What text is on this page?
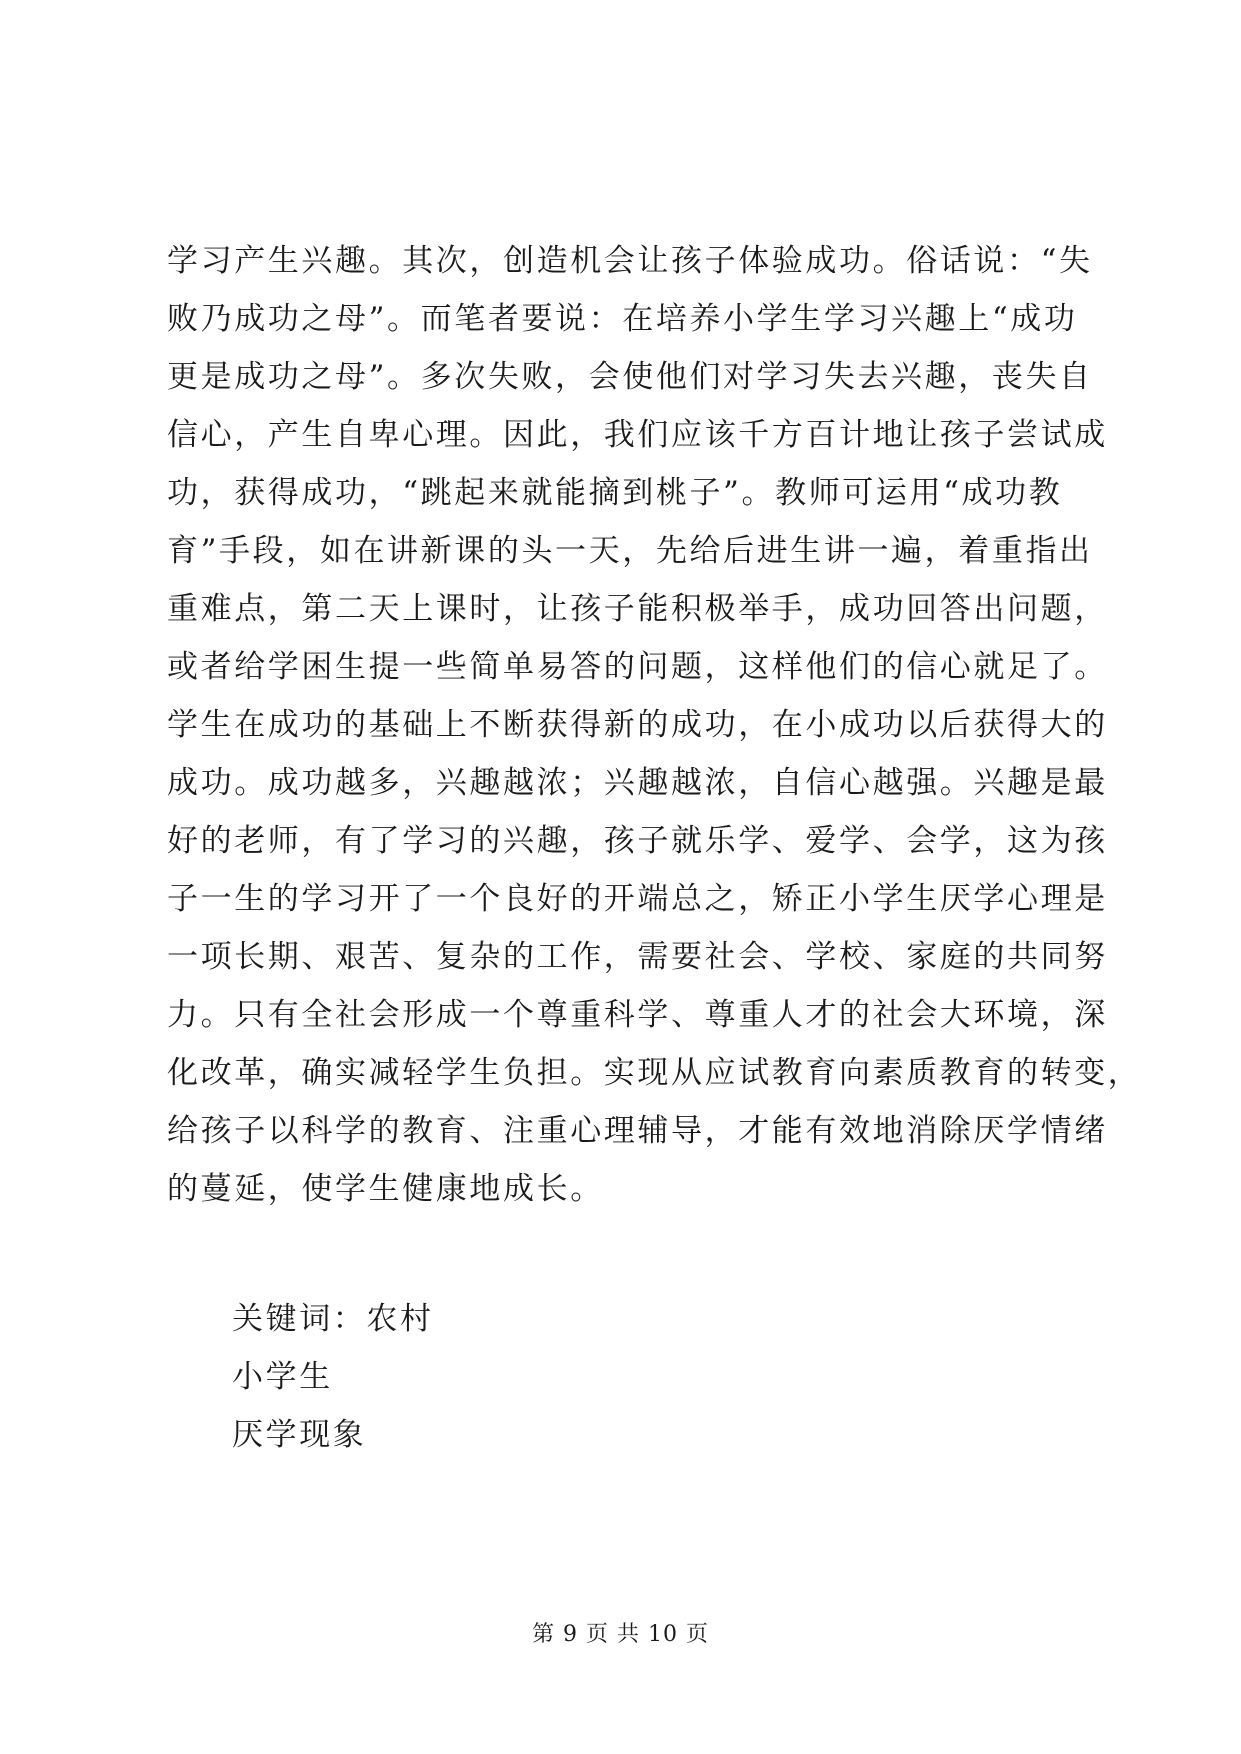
学习产生兴趣。其次，创造机会让孩子体验成功。俗话说：“失
败乃成功之母”。而笔者要说：在培养小学生学习兴趣上“成功
更是成功之母”。多次失败，会使他们对学习失去兴趣，丧失自
信心，产生自卑心理。因此，我们应该千方百计地让孩子尝试成
功，获得成功，“跳起来就能摘到桃子”。教师可运用“成功教
育”手段，如在讲新课的头一天，先给后进生讲一遍，着重指出
重难点，第二天上课时，让孩子能积极举手，成功回答出问题，
或者给学困生提一些简单易答的问题，这样他们的信心就足了。
学生在成功的基础上不断获得新的成功，在小成功以后获得大的
成功。成功越多，兴趣越浓；兴趣越浓，自信心越强。兴趣是最
好的老师，有了学习的兴趣，孩子就乐学、爱学、会学，这为孩
子一生的学习开了一个良好的开端总之，矫正小学生厌学心理是
一项长期、艰苦、复杂的工作，需要社会、学校、家庭的共同努
力。只有全社会形成一个尊重科学、尊重人才的社会大环境，深
化改革，确实减轻学生负担。实现从应试教育向素质教育的转变，
给孩子以科学的教育、注重心理辅导，才能有效地消除厌学情绪
的蔓延，使学生健康地成长。
关键词：农村
小学生
厌学现象
第 9 页 共 10 页
